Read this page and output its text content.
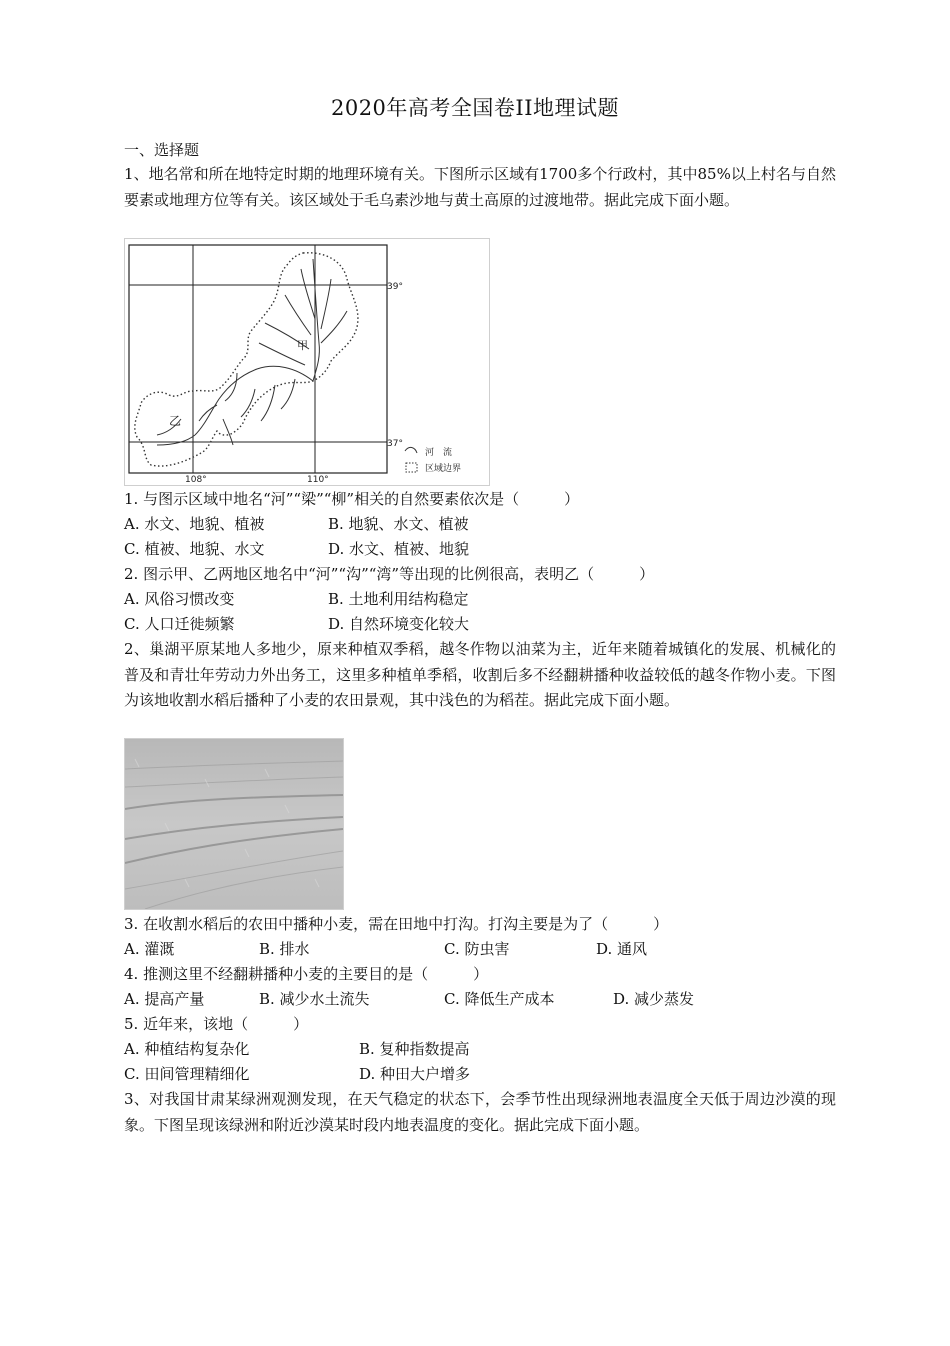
2020年高考全国卷II地理试题
一、选择题
1、地名常和所在地特定时期的地理环境有关。下图所示区域有1700多个行政村，其中85%以上村名与自然要素或地理方位等有关。该区域处于毛乌素沙地与黄土高原的过渡地带。据此完成下面小题。
甲
乙
39°
37°
108°	110°
河　流
区域边界
1. 与图示区域中地名“河”“梁”“柳”相关的自然要素依次是（　　　）
A. 水文、地貌、植被	B. 地貌、水文、植被
C. 植被、地貌、水文	D. 水文、植被、地貌
2. 图示甲、乙两地区地名中“河”“沟”“湾”等出现的比例很高，表明乙（　　　）
A. 风俗习惯改变	B. 土地利用结构稳定
C. 人口迁徙频繁	D. 自然环境变化较大
2、巢湖平原某地人多地少，原来种植双季稻，越冬作物以油菜为主，近年来随着城镇化的发展、机械化的普及和青壮年劳动力外出务工，这里多种植单季稻，收割后多不经翻耕播种收益较低的越冬作物小麦。下图为该地收割水稻后播种了小麦的农田景观，其中浅色的为稻茬。据此完成下面小题。
3. 在收割水稻后的农田中播种小麦，需在田地中打沟。打沟主要是为了（　　　）
A. 灌溉	B. 排水	C. 防虫害	D. 通风
4. 推测这里不经翻耕播种小麦的主要目的是（　　　）
A. 提高产量	B. 减少水土流失	C. 降低生产成本	D. 减少蒸发
5. 近年来，该地（　　　）
A. 种植结构复杂化	B. 复种指数提高
C. 田间管理精细化	D. 种田大户增多
3、对我国甘肃某绿洲观测发现，在天气稳定的状态下，会季节性出现绿洲地表温度全天低于周边沙漠的现象。下图呈现该绿洲和附近沙漠某时段内地表温度的变化。据此完成下面小题。
